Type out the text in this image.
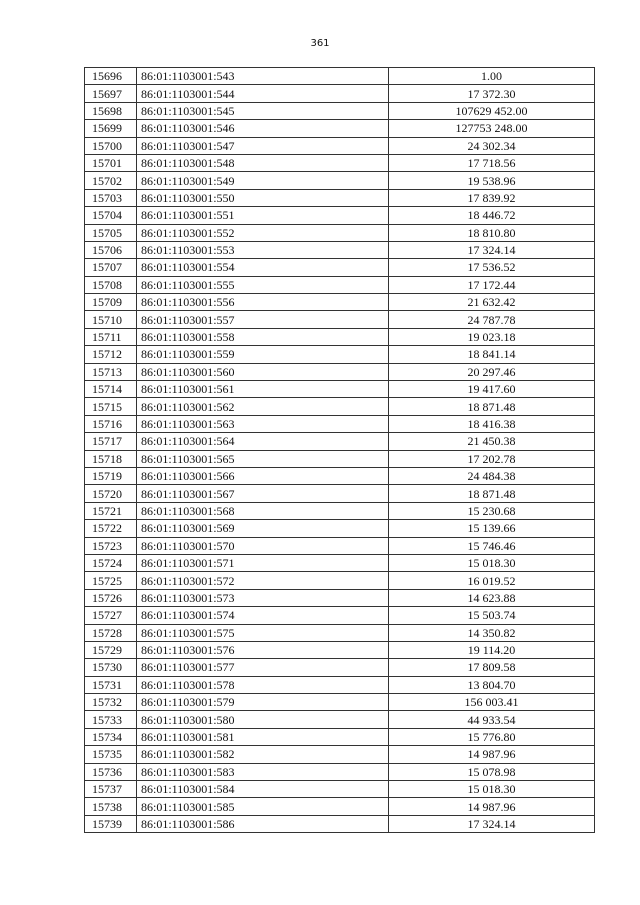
361
15696	86:01:1103001:543	1.00
15697	86:01:1103001:544	17 372.30
15698	86:01:1103001:545	107629 452.00
15699	86:01:1103001:546	127753 248.00
15700	86:01:1103001:547	24 302.34
15701	86:01:1103001:548	17 718.56
15702	86:01:1103001:549	19 538.96
15703	86:01:1103001:550	17 839.92
15704	86:01:1103001:551	18 446.72
15705	86:01:1103001:552	18 810.80
15706	86:01:1103001:553	17 324.14
15707	86:01:1103001:554	17 536.52
15708	86:01:1103001:555	17 172.44
15709	86:01:1103001:556	21 632.42
15710	86:01:1103001:557	24 787.78
15711	86:01:1103001:558	19 023.18
15712	86:01:1103001:559	18 841.14
15713	86:01:1103001:560	20 297.46
15714	86:01:1103001:561	19 417.60
15715	86:01:1103001:562	18 871.48
15716	86:01:1103001:563	18 416.38
15717	86:01:1103001:564	21 450.38
15718	86:01:1103001:565	17 202.78
15719	86:01:1103001:566	24 484.38
15720	86:01:1103001:567	18 871.48
15721	86:01:1103001:568	15 230.68
15722	86:01:1103001:569	15 139.66
15723	86:01:1103001:570	15 746.46
15724	86:01:1103001:571	15 018.30
15725	86:01:1103001:572	16 019.52
15726	86:01:1103001:573	14 623.88
15727	86:01:1103001:574	15 503.74
15728	86:01:1103001:575	14 350.82
15729	86:01:1103001:576	19 114.20
15730	86:01:1103001:577	17 809.58
15731	86:01:1103001:578	13 804.70
15732	86:01:1103001:579	156 003.41
15733	86:01:1103001:580	44 933.54
15734	86:01:1103001:581	15 776.80
15735	86:01:1103001:582	14 987.96
15736	86:01:1103001:583	15 078.98
15737	86:01:1103001:584	15 018.30
15738	86:01:1103001:585	14 987.96
15739	86:01:1103001:586	17 324.14
